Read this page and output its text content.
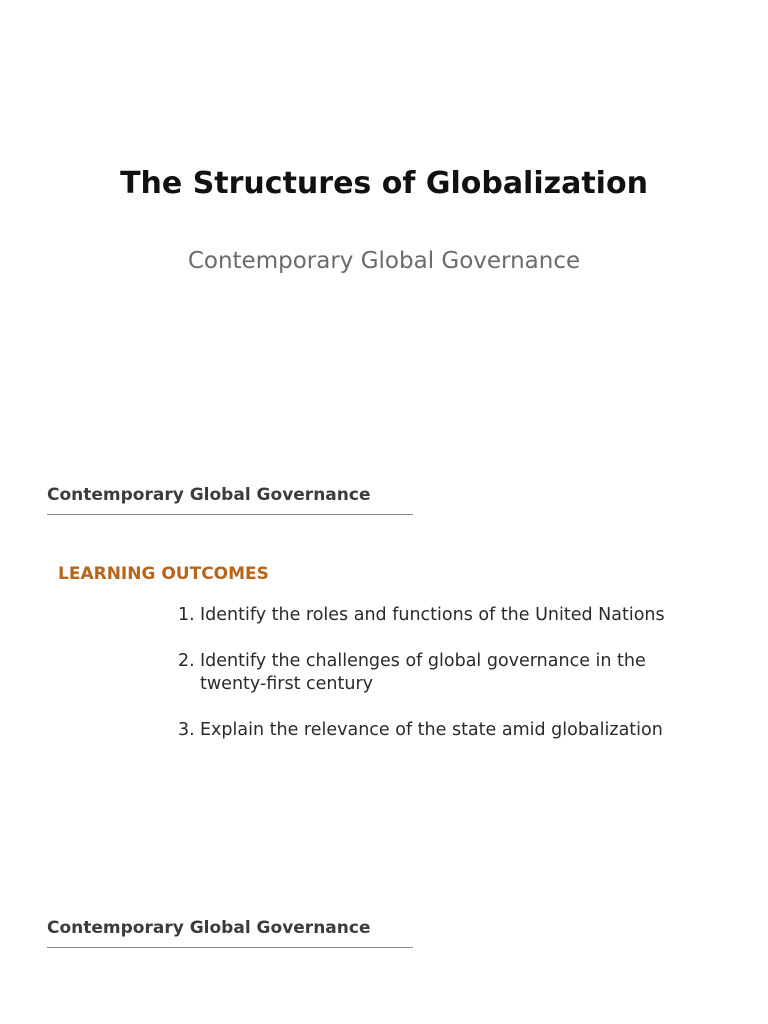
The Structures of Globalization
Contemporary Global Governance
Contemporary Global Governance
LEARNING OUTCOMES
1. Identify the roles and functions of the United Nations
2. Identify the challenges of global governance in the twenty-first century
3. Explain the relevance of the state amid globalization
Contemporary Global Governance
